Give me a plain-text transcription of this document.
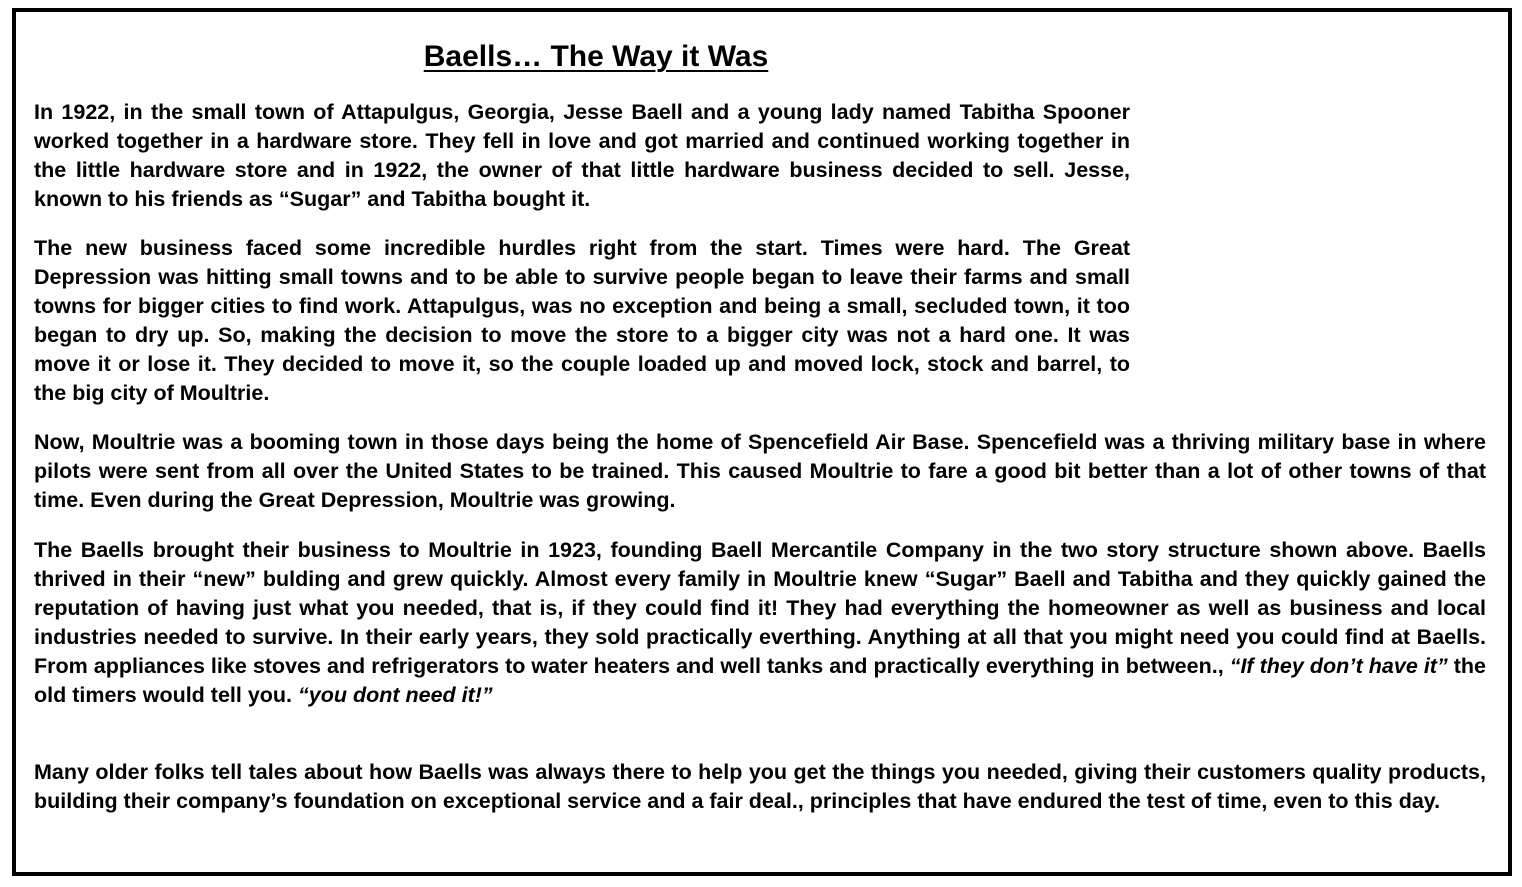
Baells… The Way it Was

In 1922, in the small town of Attapulgus, Georgia, Jesse Baell and a young lady named Tabitha Spooner worked together in a hardware store. They fell in love and got married and continued working together in the little hardware store and in 1922, the owner of that little hardware business decided to sell. Jesse, known to his friends as “Sugar” and Tabitha bought it.

The new business faced some incredible hurdles right from the start. Times were hard. The Great Depression was hitting small towns and to be able to survive people began to leave their farms and small towns for bigger cities to find work. Attapulgus, was no exception and being a small, secluded town, it too began to dry up. So, making the decision to move the store to a bigger city was not a hard one. It was move it or lose it. They decided to move it, so the couple loaded up and moved lock, stock and barrel, to the big city of Moultrie.

Now, Moultrie was a booming town in those days being the home of Spencefield Air Base. Spencefield was a thriving military base in where pilots were sent from all over the United States to be trained. This caused Moultrie to fare a good bit better than a lot of other towns of that time. Even during the Great Depression, Moultrie was growing.

The Baells brought their business to Moultrie in 1923, founding Baell Mercantile Company in the two story structure shown above. Baells thrived in their “new” bulding and grew quickly. Almost every family in Moultrie knew “Sugar” Baell and Tabitha and they quickly gained the reputation of having just what you needed, that is, if they could find it! They had everything the homeowner as well as business and local industries needed to survive. In their early years, they sold practically everthing. Anything at all that you might need you could find at Baells. From appliances like stoves and refrigerators to water heaters and well tanks and practically everything in between., “If they don’t have it” the old timers would tell you. “you dont need it!”

Many older folks tell tales about how Baells was always there to help you get the things you needed, giving their customers quality products, building their company’s foundation on exceptional service and a fair deal., principles that have endured the test of time, even to this day.
